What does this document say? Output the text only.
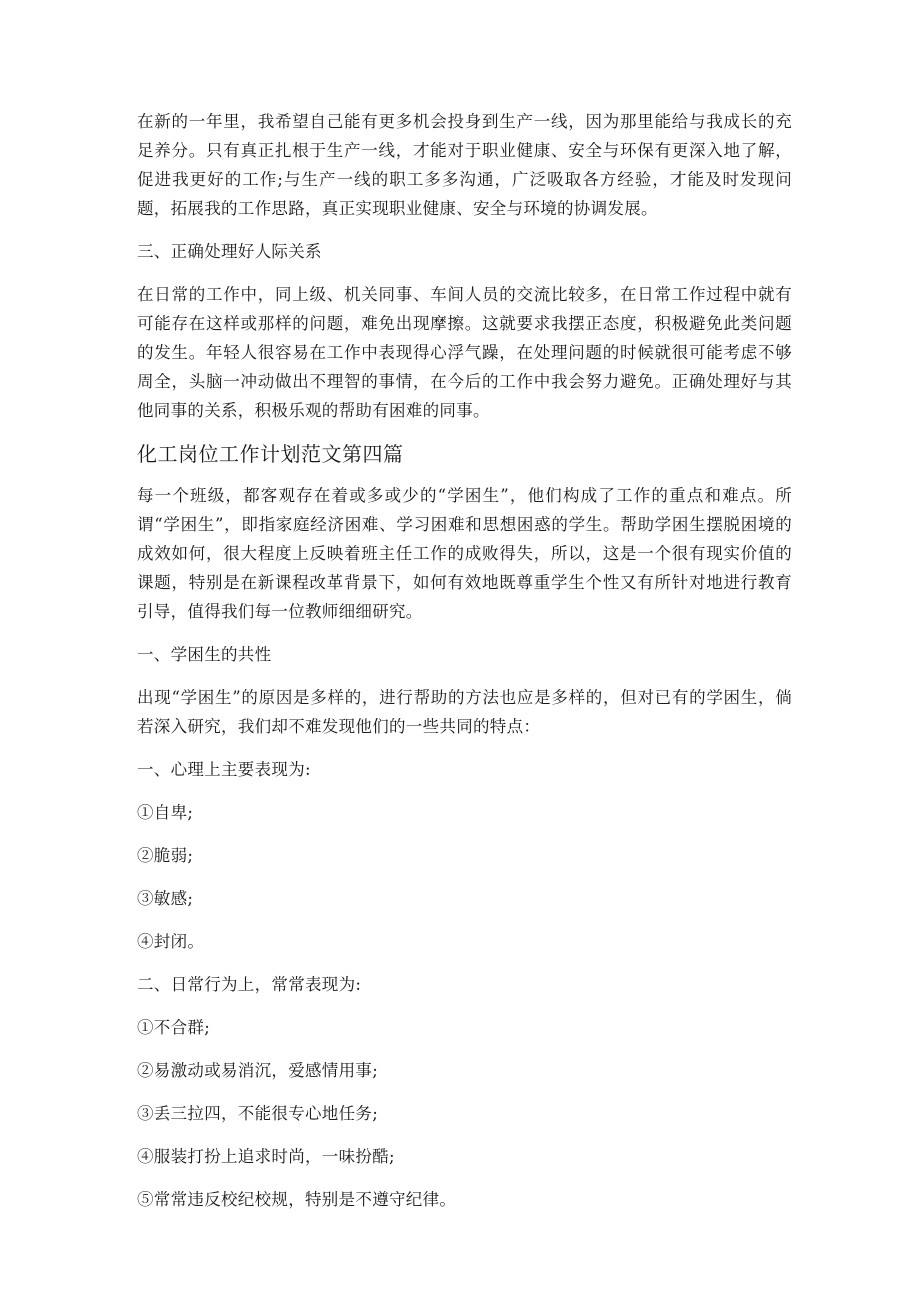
在新的一年里，我希望自己能有更多机会投身到生产一线，因为那里能给与我成长的充足养分。只有真正扎根于生产一线，才能对于职业健康、安全与环保有更深入地了解，促进我更好的工作;与生产一线的职工多多沟通，广泛吸取各方经验，才能及时发现问题，拓展我的工作思路，真正实现职业健康、安全与环境的协调发展。

三、正确处理好人际关系

在日常的工作中，同上级、机关同事、车间人员的交流比较多，在日常工作过程中就有可能存在这样或那样的问题，难免出现摩擦。这就要求我摆正态度，积极避免此类问题的发生。年轻人很容易在工作中表现得心浮气躁，在处理问题的时候就很可能考虑不够周全，头脑一冲动做出不理智的事情，在今后的工作中我会努力避免。正确处理好与其他同事的关系，积极乐观的帮助有困难的同事。

化工岗位工作计划范文第四篇

每一个班级，都客观存在着或多或少的“学困生”，他们构成了工作的重点和难点。所谓“学困生”，即指家庭经济困难、学习困难和思想困惑的学生。帮助学困生摆脱困境的成效如何，很大程度上反映着班主任工作的成败得失，所以，这是一个很有现实价值的课题，特别是在新课程改革背景下，如何有效地既尊重学生个性又有所针对地进行教育引导，值得我们每一位教师细细研究。

一、学困生的共性

出现“学困生”的原因是多样的，进行帮助的方法也应是多样的，但对已有的学困生，倘若深入研究，我们却不难发现他们的一些共同的特点：

一、心理上主要表现为:

①自卑;

②脆弱;

③敏感;

④封闭。

二、日常行为上，常常表现为:

①不合群;

②易激动或易消沉，爱感情用事;

③丢三拉四，不能很专心地任务;

④服装打扮上追求时尚，一味扮酷;

⑤常常违反校纪校规，特别是不遵守纪律。
